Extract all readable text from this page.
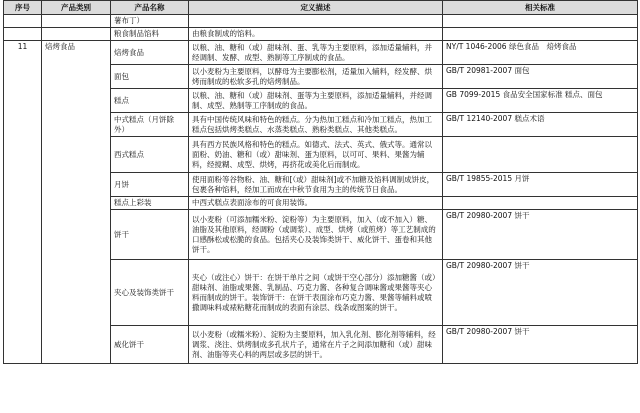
序号	产品类别	产品名称	定义描述	相关标准
		薯布丁）		
		粮食制品馅料	由粮食制成的馅料。	
11	焙烤食品	焙烤食品	以粮、油、糖和（或）甜味剂、蛋、乳等为主要原料，添加适量辅料，并经调制、发酵、成型、熟制等工序制成的食品。	NY/T 1046-2006 绿色食品　焙烤食品
		面包	以小麦粉为主要原料，以酵母为主要膨松剂，适量加入辅料，经发酵、烘烤而制成的松软多孔的焙烤制品。	GB/T 20981-2007 面包
		糕点	以粮、油、糖和（或）甜味剂、蛋等为主要原料，添加适量辅料，并经调制、成型、熟制等工序制成的食品。	GB 7099-2015 食品安全国家标准 糕点、面包
		中式糕点（月饼除外）	具有中国传统风味和特色的糕点。分为热加工糕点和冷加工糕点，热加工糕点包括烘烤类糕点、水蒸类糕点、熟粉类糕点、其他类糕点。	GB/T 12140-2007 糕点术语
		西式糕点	具有西方民族风格和特色的糕点。如德式、法式、英式、俄式等。通常以面粉、奶油、糖和（或）甜味剂、蛋为原料，以可可、果料、果酱为辅料，经搅糊、成型、烘烤，再挤花或美化后而制成。	
		月饼	使用面粉等谷物粉、油、糖和[（或）甜味剂]或不加糖及馅料调制成饼皮，包裹各种馅料，经加工而成在中秋节食用为主的传统节日食品。	GB/T 19855-2015 月饼
		糕点上彩装	中西式糕点表面涂布的可食用装饰。	
		饼干	以小麦粉（可添加糯米粉、淀粉等）为主要原料，加入（或不加入）糖、油脂及其他原料，经调粉（或调浆）、成型、烘烤（或煎烤）等工艺制成的口感酥松或松脆的食品。包括夹心及装饰类饼干、威化饼干、蛋卷和其他饼干。	GB/T 20980-2007 饼干
		夹心及装饰类饼干	夹心（或注心）饼干：在饼干单片之间（或饼干空心部分）添加糖酱（或）甜味剂、油脂或果酱、乳制品、巧克力酱、各种复合调味酱或果酱等夹心料而制成的饼干。装饰饼干：在饼干表面涂布巧克力酱、果酱等辅料或喷撒调味料或裱粘糖花而制成的表面有涂层、线条或图案的饼干。	GB/T 20980-2007 饼干
		威化饼干	以小麦粉（或糯米粉）、淀粉为主要原料，加入乳化剂、膨化剂等辅料，经调浆、浇注、烘烤制成多孔状片子，通常在片子之间添加糖和（或）甜味剂、油脂等夹心料的两层或多层的饼干。	GB/T 20980-2007 饼干
